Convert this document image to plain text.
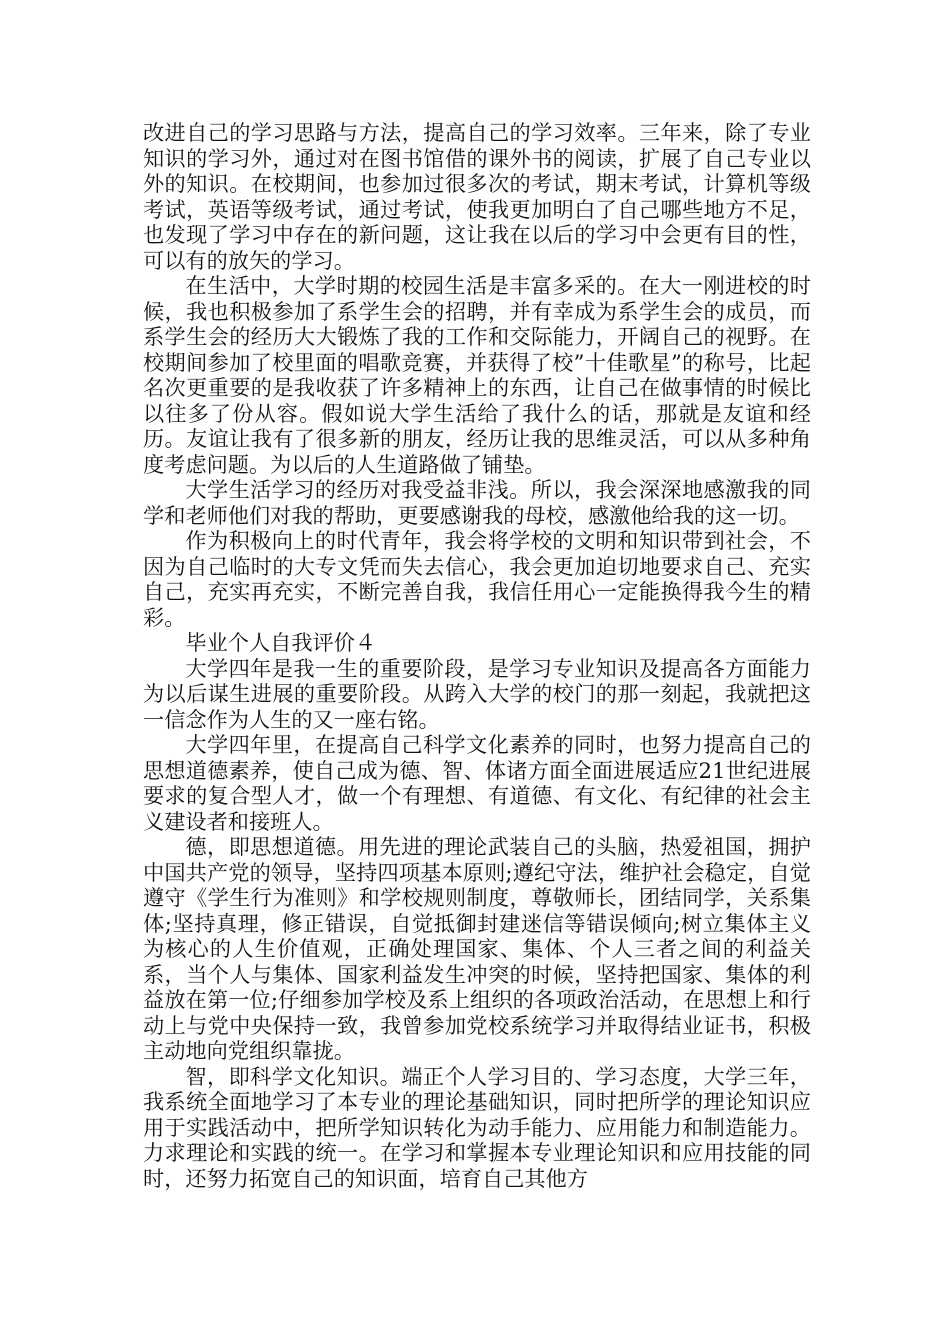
改进自己的学习思路与方法，提高自己的学习效率。三年来，除了专业知识的学习外，通过对在图书馆借的课外书的阅读，扩展了自己专业以外的知识。在校期间，也参加过很多次的考试，期末考试，计算机等级考试，英语等级考试，通过考试，使我更加明白了自己哪些地方不足，也发现了学习中存在的新问题，这让我在以后的学习中会更有目的性，可以有的放矢的学习。

在生活中，大学时期的校园生活是丰富多采的。在大一刚进校的时候，我也积极参加了系学生会的招聘，并有幸成为系学生会的成员，而系学生会的经历大大锻炼了我的工作和交际能力，开阔自己的视野。在校期间参加了校里面的唱歌竞赛，并获得了校”十佳歌星”的称号，比起名次更重要的是我收获了许多精神上的东西，让自己在做事情的时候比以往多了份从容。假如说大学生活给了我什么的话，那就是友谊和经历。友谊让我有了很多新的朋友，经历让我的思维灵活，可以从多种角度考虑问题。为以后的人生道路做了铺垫。

大学生活学习的经历对我受益非浅。所以，我会深深地感激我的同学和老师他们对我的帮助，更要感谢我的母校，感激他给我的这一切。

作为积极向上的时代青年，我会将学校的文明和知识带到社会，不因为自己临时的大专文凭而失去信心，我会更加迫切地要求自己、充实自己，充实再充实，不断完善自我，我信任用心一定能换得我今生的精彩。

毕业个人自我评价４

大学四年是我一生的重要阶段，是学习专业知识及提高各方面能力为以后谋生进展的重要阶段。从跨入大学的校门的那一刻起，我就把这一信念作为人生的又一座右铭。

大学四年里，在提高自己科学文化素养的同时，也努力提高自己的思想道德素养，使自己成为德、智、体诸方面全面进展适应21世纪进展要求的复合型人才，做一个有理想、有道德、有文化、有纪律的社会主义建设者和接班人。

德，即思想道德。用先进的理论武装自己的头脑，热爱祖国，拥护中国共产党的领导，坚持四项基本原则;遵纪守法，维护社会稳定，自觉遵守《学生行为准则》和学校规则制度，尊敬师长，团结同学，关系集体;坚持真理，修正错误，自觉抵御封建迷信等错误倾向;树立集体主义为核心的人生价值观，正确处理国家、集体、个人三者之间的利益关系，当个人与集体、国家利益发生冲突的时候，坚持把国家、集体的利益放在第一位;仔细参加学校及系上组织的各项政治活动，在思想上和行动上与党中央保持一致，我曾参加党校系统学习并取得结业证书，积极主动地向党组织靠拢。

智，即科学文化知识。端正个人学习目的、学习态度，大学三年，我系统全面地学习了本专业的理论基础知识，同时把所学的理论知识应用于实践活动中，把所学知识转化为动手能力、应用能力和制造能力。力求理论和实践的统一。在学习和掌握本专业理论知识和应用技能的同时，还努力拓宽自己的知识面，培育自己其他方
